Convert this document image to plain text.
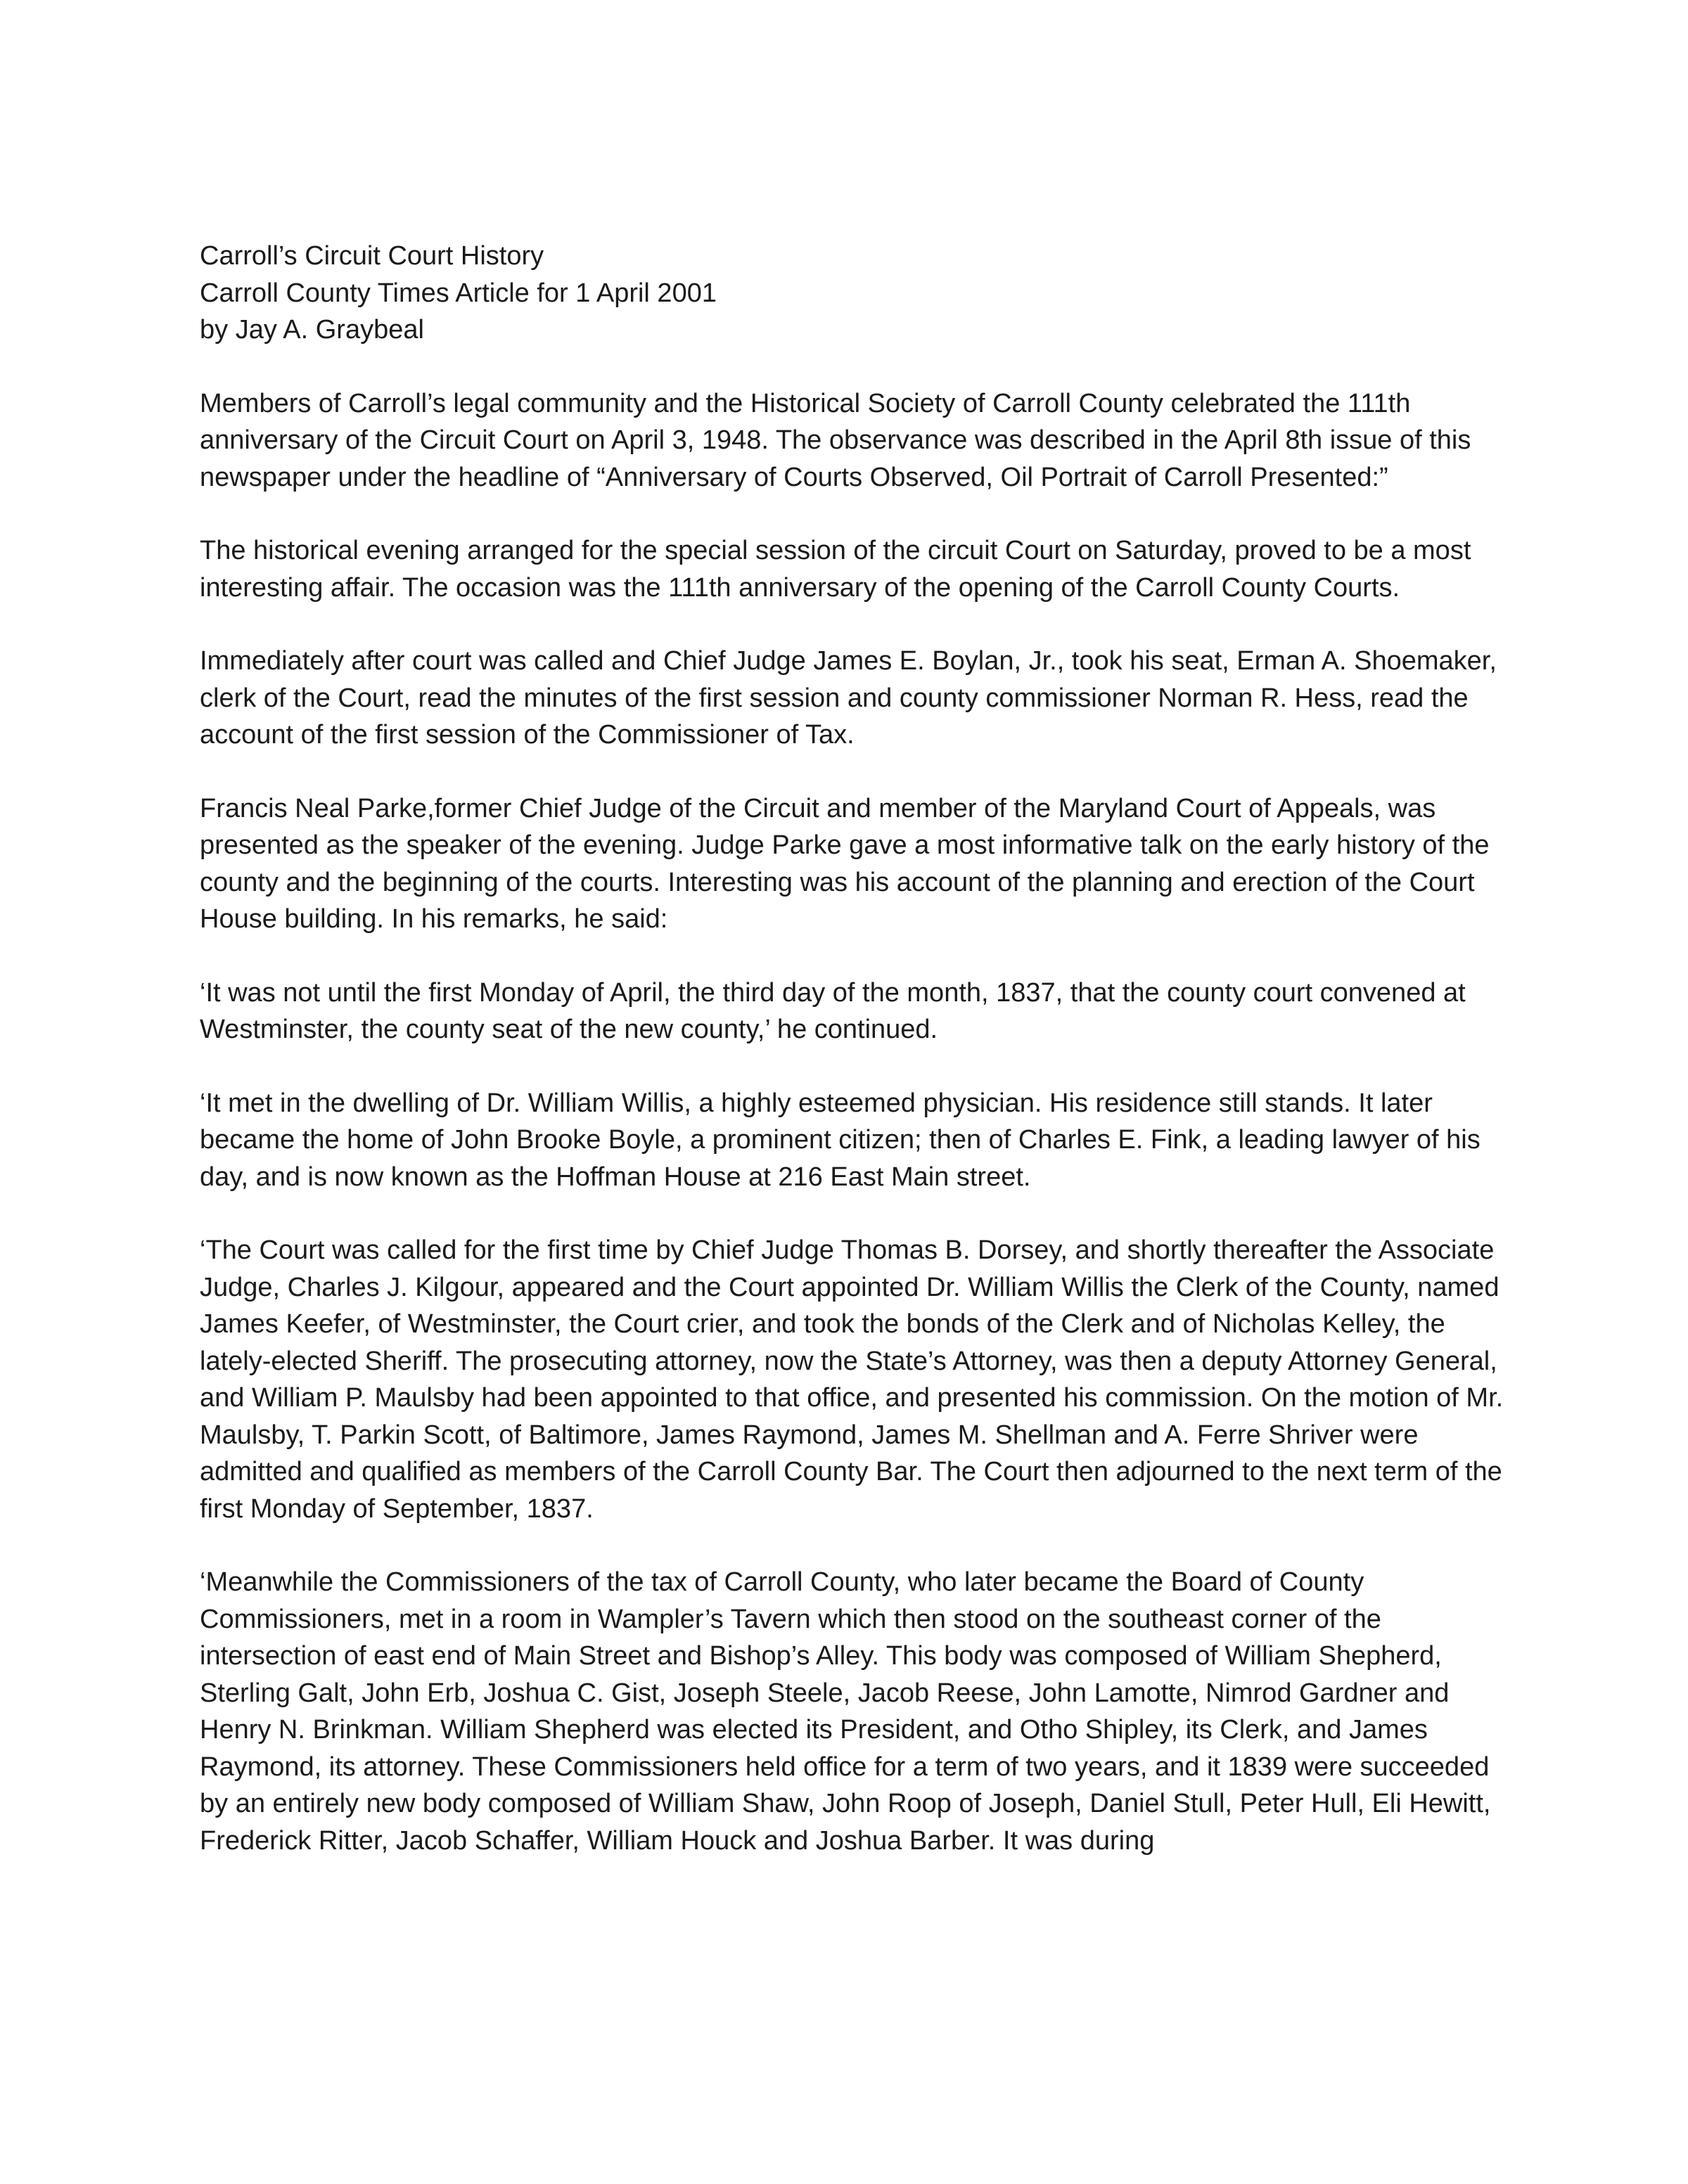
Carroll’s Circuit Court History

Carroll County Times Article for 1 April 2001

by Jay A. Graybeal

Members of Carroll’s legal community and the Historical Society of Carroll County celebrated the 111th anniversary of the Circuit Court on April 3, 1948. The observance was described in the April 8th issue of this newspaper under the headline of “Anniversary of Courts Observed, Oil Portrait of Carroll Presented:”

The historical evening arranged for the special session of the circuit Court on Saturday, proved to be a most interesting affair. The occasion was the 111th anniversary of the opening of the Carroll County Courts.

Immediately after court was called and Chief Judge James E. Boylan, Jr., took his seat, Erman A. Shoemaker, clerk of the Court, read the minutes of the first session and county commissioner Norman R. Hess, read the account of the first session of the Commissioner of Tax.

Francis Neal Parke,former Chief Judge of the Circuit and member of the Maryland Court of Appeals, was presented as the speaker of the evening. Judge Parke gave a most informative talk on the early history of the county and the beginning of the courts. Interesting was his account of the planning and erection of the Court House building. In his remarks, he said:

‘It was not until the first Monday of April, the third day of the month, 1837, that the county court convened at Westminster, the county seat of the new county,’ he continued.

‘It met in the dwelling of Dr. William Willis, a highly esteemed physician. His residence still stands. It later became the home of John Brooke Boyle, a prominent citizen; then of Charles E. Fink, a leading lawyer of his day, and is now known as the Hoffman House at 216 East Main street.

‘The Court was called for the first time by Chief Judge Thomas B. Dorsey, and shortly thereafter the Associate Judge, Charles J. Kilgour, appeared and the Court appointed Dr. William Willis the Clerk of the County, named James Keefer, of Westminster, the Court crier, and took the bonds of the Clerk and of Nicholas Kelley, the lately-elected Sheriff. The prosecuting attorney, now the State’s Attorney, was then a deputy Attorney General, and William P. Maulsby had been appointed to that office, and presented his commission. On the motion of Mr. Maulsby, T. Parkin Scott, of Baltimore, James Raymond, James M. Shellman and A. Ferre Shriver were admitted and qualified as members of the Carroll County Bar. The Court then adjourned to the next term of the first Monday of September, 1837.

‘Meanwhile the Commissioners of the tax of Carroll County, who later became the Board of County Commissioners, met in a room in Wampler’s Tavern which then stood on the southeast corner of the intersection of east end of Main Street and Bishop’s Alley. This body was composed of William Shepherd, Sterling Galt, John Erb, Joshua C. Gist, Joseph Steele, Jacob Reese, John Lamotte, Nimrod Gardner and Henry N. Brinkman. William Shepherd was elected its President, and Otho Shipley, its Clerk, and James Raymond, its attorney. These Commissioners held office for a term of two years, and it 1839 were succeeded by an entirely new body composed of William Shaw, John Roop of Joseph, Daniel Stull, Peter Hull, Eli Hewitt, Frederick Ritter, Jacob Schaffer, William Houck and Joshua Barber. It was during
